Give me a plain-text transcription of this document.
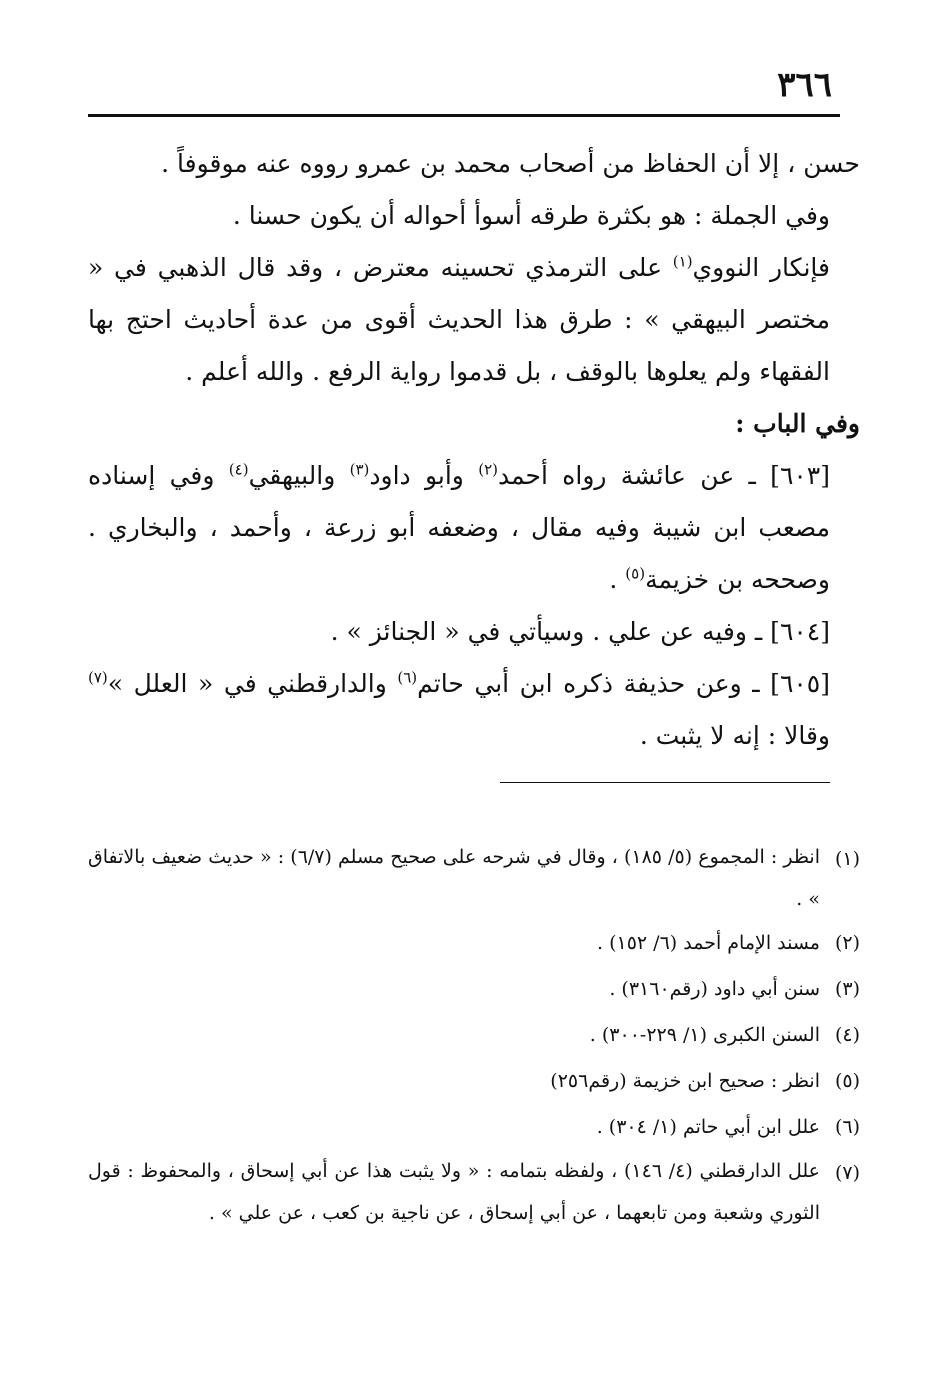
٣٦٦

حسن ، إلا أن الحفاظ من أصحاب محمد بن عمرو رووه عنه موقوفاً .

وفي الجملة : هو بكثرة طرقه أسوأ أحواله أن يكون حسنا .

فإنكار النووي$^{(١)}$ على الترمذي تحسينه معترض ، وقد قال الذهبي في « مختصر البيهقي » : طرق هذا الحديث أقوى من عدة أحاديث احتج بها الفقهاء ولم يعلوها بالوقف ، بل قدموا رواية الرفع . والله أعلم .

وفي الباب :

[٦٠٣] ـ عن عائشة رواه أحمد$^{(٢)}$ وأبو داود$^{(٣)}$ والبيهقي$^{(٤)}$ وفي إسناده مصعب ابن شيبة وفيه مقال ، وضعفه أبو زرعة ، وأحمد ، والبخاري . وصححه بن خزيمة$^{(٥)}$ .

[٦٠٤] ـ وفيه عن علي . وسيأتي في « الجنائز » .

[٦٠٥] ـ وعن حذيفة ذكره ابن أبي حاتم$^{(٦)}$ والدارقطني في « العلل »$^{(٧)}$ وقالا : إنه لا يثبت .

(١)
انظر : المجموع (٥/ ١٨٥) ، وقال في شرحه على صحيح مسلم (٦/٧) : « حديث ضعيف بالاتفاق » .
(٢)
مسند الإمام أحمد (٦/ ١٥٢) .
(٣)
سنن أبي داود (رقم٣١٦٠) .
(٤)
السنن الكبرى (١/ ٢٢٩-٣٠٠) .
(٥)
انظر : صحيح ابن خزيمة (رقم٢٥٦)
(٦)
علل ابن أبي حاتم (١/ ٣٠٤) .
(٧)
علل الدارقطني (٤/ ١٤٦) ، ولفظه بتمامه : « ولا يثبت هذا عن أبي إسحاق ، والمحفوظ : قول الثوري وشعبة ومن تابعهما ، عن أبي إسحاق ، عن ناجية بن كعب ، عن علي » .
